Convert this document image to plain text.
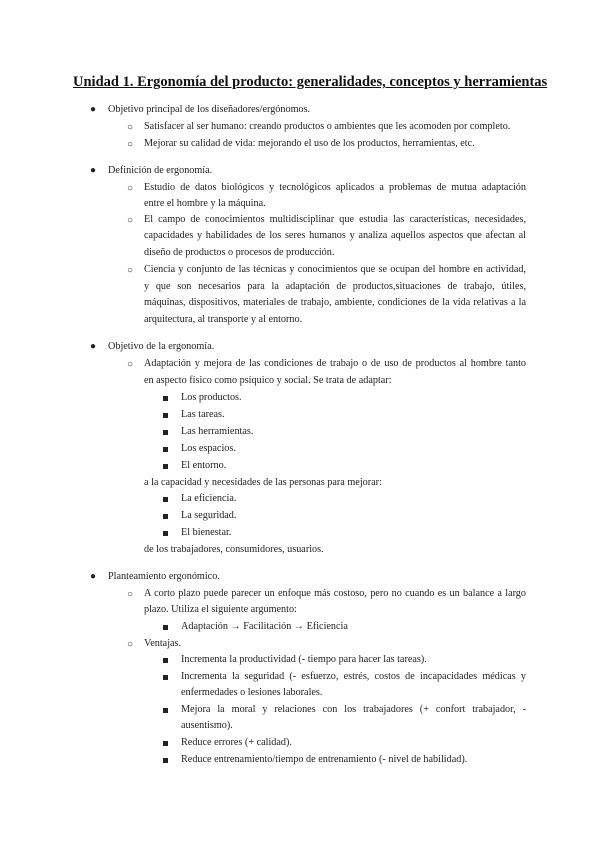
Unidad 1. Ergonomía del producto: generalidades, conceptos y herramientas
● Objetivo principal de los diseñadores/ergónomos.
○ Satisfacer al ser humano: creando productos o ambientes que les acomoden por completo.
○ Mejorar su calidad de vida: mejorando el uso de los productos, herramientas, etc.
● Definición de ergonomía.
○ Estudio de datos biológicos y tecnológicos aplicados a problemas de mutua adaptación
entre el hombre y la máquina.
○ El campo de conocimientos multidisciplinar que estudia las características, necesidades,
capacidades y habilidades de los seres humanos y analiza aquellos aspectos que afectan al
diseño de productos o procesos de producción.
○ Ciencia y conjunto de las técnicas y conocimientos que se ocupan del hombre en actividad,
y que son necesarios para la adaptación de productos,situaciones de trabajo, útiles,
máquinas, dispositivos, materiales de trabajo, ambiente, condiciones de la vida relativas a la
arquitectura, al transporte y al entorno.
● Objetivo de la ergonomía.
○ Adaptación y mejora de las condiciones de trabajo o de uso de productos al hombre tanto
en aspecto físico como psíquico y social. Se trata de adaptar:
Los productos.
Las tareas.
Las herramientas.
Los espacios.
El entorno.
a la capacidad y necesidades de las personas para mejorar:
La eficiencia.
La seguridad.
El bienestar.
de los trabajadores, consumidores, usuarios.
● Planteamiento ergonómico.
○ A corto plazo puede parecer un enfoque más costoso, pero no cuando es un balance a largo
plazo. Utiliza el siguiente argumento:
Adaptación → Facilitación → Eficiencia
○ Ventajas.
Incrementa la productividad (- tiempo para hacer las tareas).
Incrementa la seguridad (- esfuerzo, estrés, costos de incapacidades médicas y
enfermedades o lesiones laborales.
Mejora la moral y relaciones con los trabajadores (+ confort trabajador, -
ausentismo).
Reduce errores (+ calidad).
Reduce entrenamiento/tiempo de entrenamiento (- nivel de habilidad).
